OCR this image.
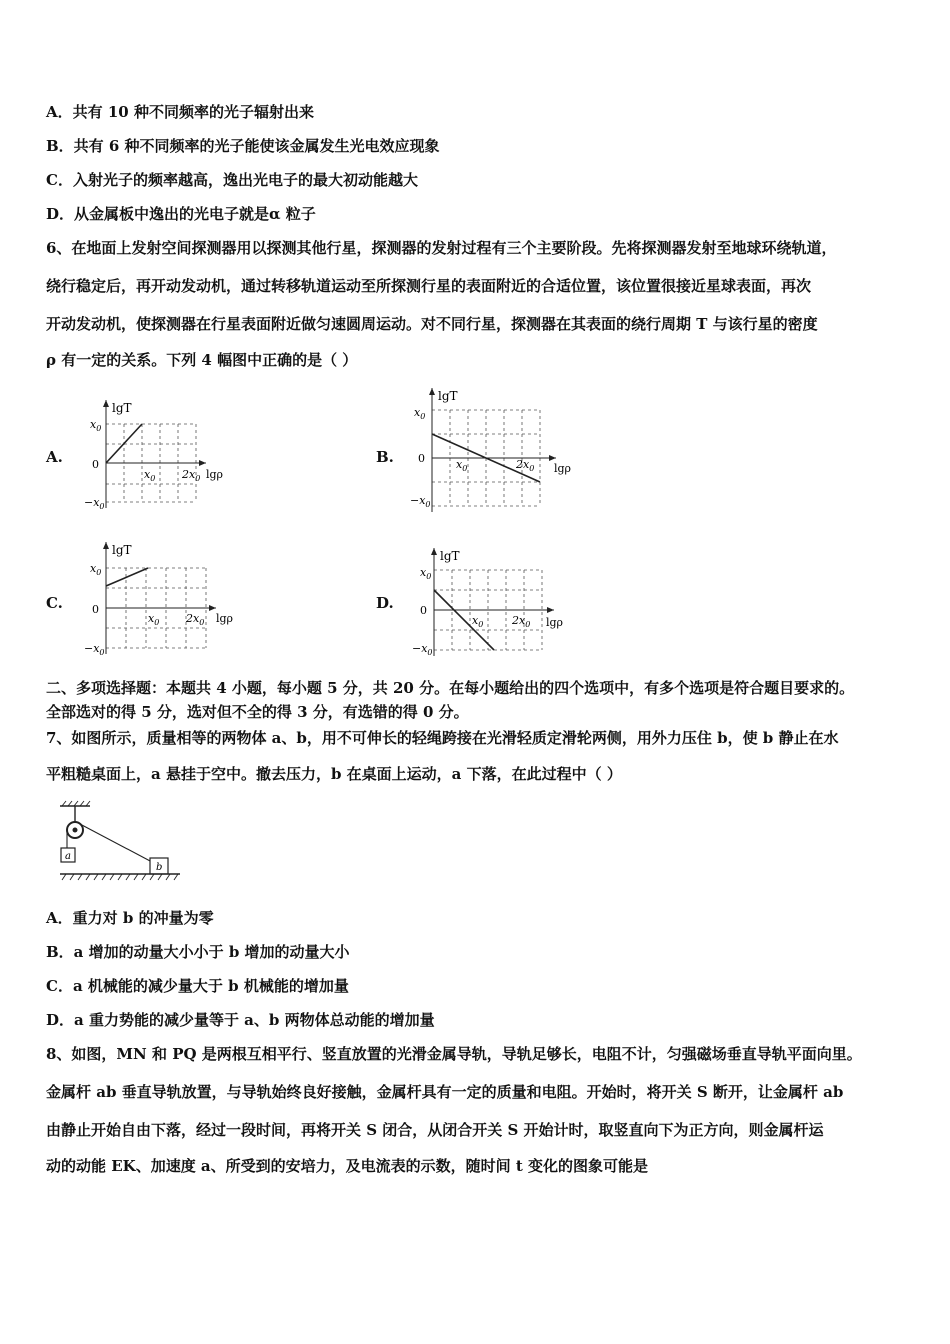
A．共有 10 种不同频率的光子辐射出来
B．共有 6 种不同频率的光子能使该金属发生光电效应现象
C．入射光子的频率越高，逸出光电子的最大初动能越大
D．从金属板中逸出的光电子就是α 粒子
6、在地面上发射空间探测器用以探测其他行星，探测器的发射过程有三个主要阶段。先将探测器发射至地球环绕轨道，
绕行稳定后，再开动发动机，通过转移轨道运动至所探测行星的表面附近的合适位置，该位置很接近星球表面，再次
开动发动机，使探测器在行星表面附近做匀速圆周运动。对不同行星，探测器在其表面的绕行周期 T 与该行星的密度
ρ 有一定的关系。下列 4 幅图中正确的是（ ）
A.	B.
C.	D.
lgT
lgρ
$x_0$
0
$-x_0$
$x_0$ $2x_0$
lgT
lgρ
$x_0$
0
$-x_0$
$x_0$	$2x_0$
lgT
lgρ
$x_0$
0
$-x_0$
$x_0$ $2x_0$
lgT
lgρ
$x_0$
0
$-x_0$
$x_0$	$2x_0$
二、多项选择题：本题共 4 小题，每小题 5 分，共 20 分。在每小题给出的四个选项中，有多个选项是符合题目要求的。
全部选对的得 5 分，选对但不全的得 3 分，有选错的得 0 分。
7、如图所示，质量相等的两物体 a、b，用不可伸长的轻绳跨接在光滑轻质定滑轮两侧，用外力压住 b，使 b 静止在水
平粗糙桌面上，a 悬挂于空中。撤去压力，b 在桌面上运动，a 下落，在此过程中（ ）
a
b
A．重力对 b 的冲量为零
B．a 增加的动量大小小于 b 增加的动量大小
C．a 机械能的减少量大于 b 机械能的增加量
D．a 重力势能的减少量等于 a、b 两物体总动能的增加量
8、如图，MN 和 PQ 是两根互相平行、竖直放置的光滑金属导轨，导轨足够长，电阻不计，匀强磁场垂直导轨平面向里。
金属杆 ab 垂直导轨放置，与导轨始终良好接触，金属杆具有一定的质量和电阻。开始时，将开关 S 断开，让金属杆 ab
由静止开始自由下落，经过一段时间，再将开关 S 闭合，从闭合开关 S 开始计时，取竖直向下为正方向，则金属杆运
动的动能 EK、加速度 a、所受到的安培力，及电流表的示数，随时间 t 变化的图象可能是
